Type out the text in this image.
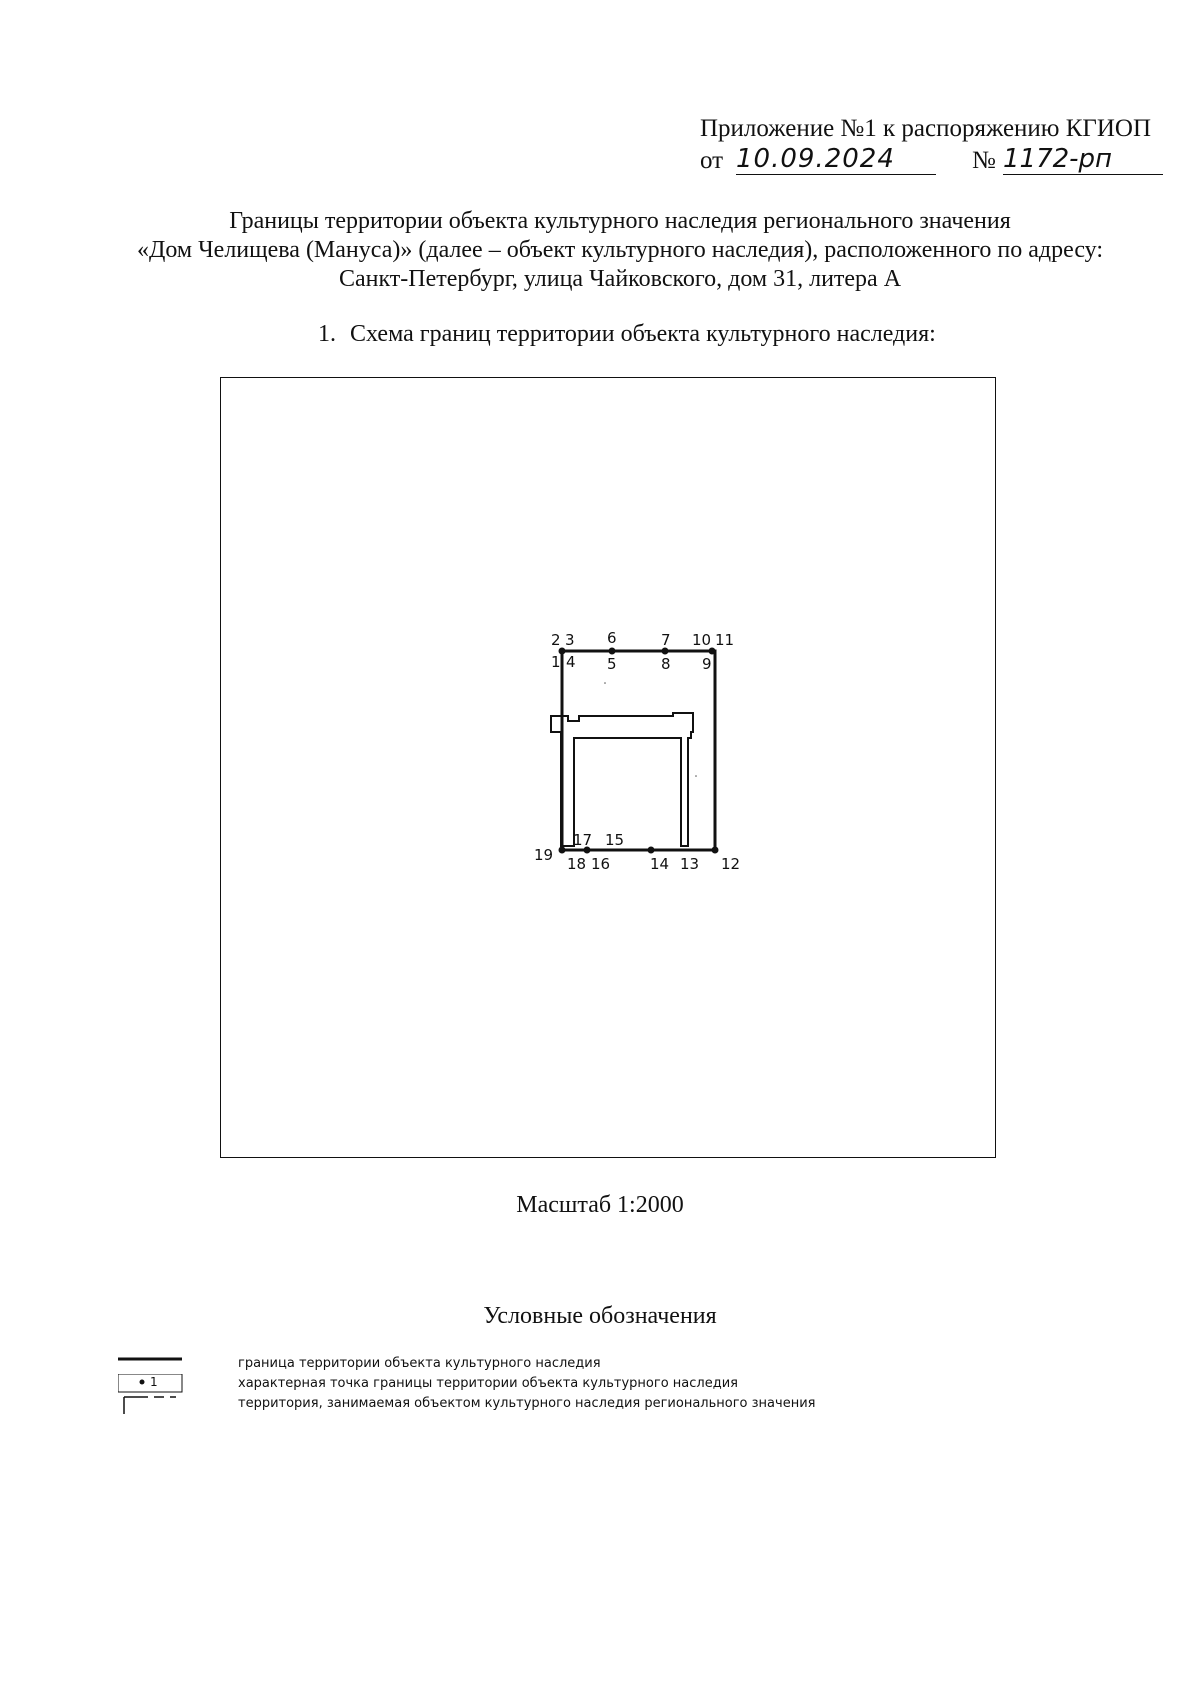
Приложение №1 к распоряжению КГИОП
от 10.09.2024	№ 1172-рп
Границы территории объекта культурного наследия регионального значения
«Дом Челищева (Мануса)» (далее – объект культурного наследия), расположенного по адресу:
Санкт-Петербург, улица Чайковского, дом 31, литера А
1. Схема границ территории объекта культурного наследия:
2 3 6	7 10 11
1 4 5	8 9
17 15
19 18 16	14 13 12
Масштаб 1:2000
Условные обозначения
граница территории объекта культурного наследия
1	характерная точка границы территории объекта культурного наследия
территория, занимаемая объектом культурного наследия регионального значения
